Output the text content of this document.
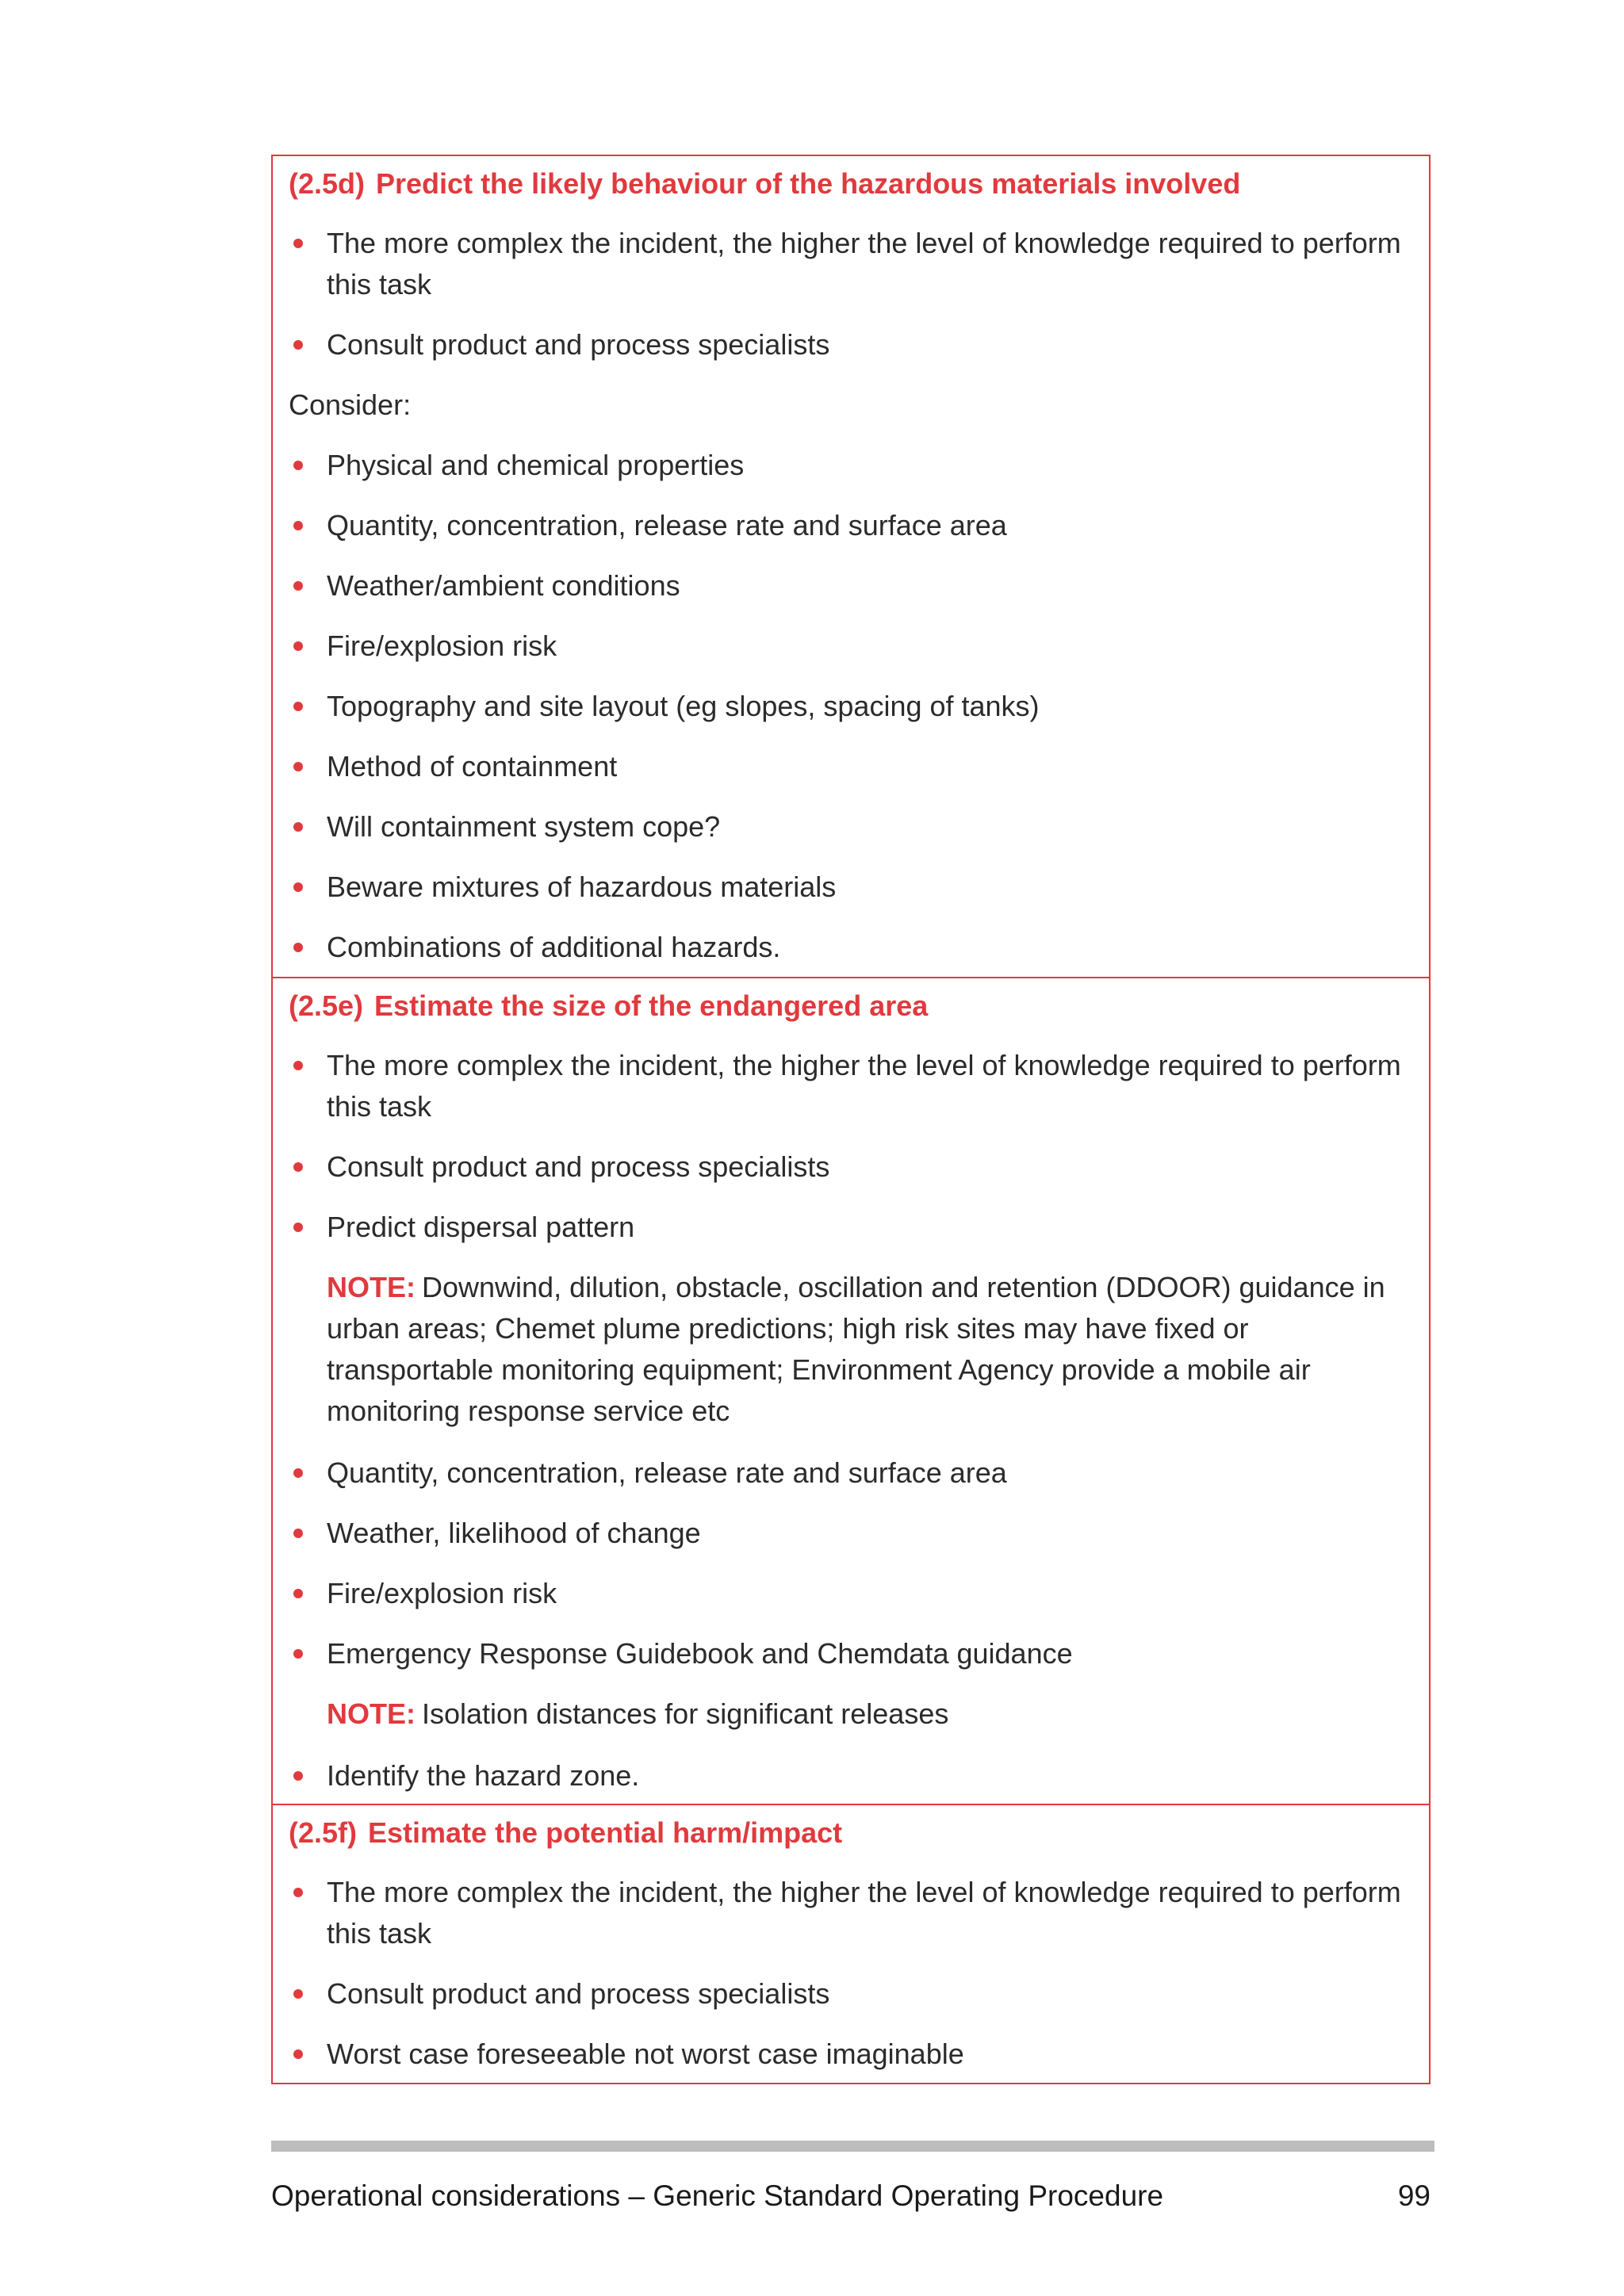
(2.5d) Predict the likely behaviour of the hazardous materials involved
The more complex the incident, the higher the level of knowledge required to perform this task
Consult product and process specialists
Consider:
Physical and chemical properties
Quantity, concentration, release rate and surface area
Weather/ambient conditions
Fire/explosion risk
Topography and site layout (eg slopes, spacing of tanks)
Method of containment
Will containment system cope?
Beware mixtures of hazardous materials
Combinations of additional hazards.
(2.5e) Estimate the size of the endangered area
The more complex the incident, the higher the level of knowledge required to perform this task
Consult product and process specialists
Predict dispersal pattern
NOTE: Downwind, dilution, obstacle, oscillation and retention (DDOOR) guidance in urban areas; Chemet plume predictions; high risk sites may have fixed or transportable monitoring equipment; Environment Agency provide a mobile air monitoring response service etc
Quantity, concentration, release rate and surface area
Weather, likelihood of change
Fire/explosion risk
Emergency Response Guidebook and Chemdata guidance
NOTE: Isolation distances for significant releases
Identify the hazard zone.
(2.5f) Estimate the potential harm/impact
The more complex the incident, the higher the level of knowledge required to perform this task
Consult product and process specialists
Worst case foreseeable not worst case imaginable
Operational considerations – Generic Standard Operating Procedure	99
